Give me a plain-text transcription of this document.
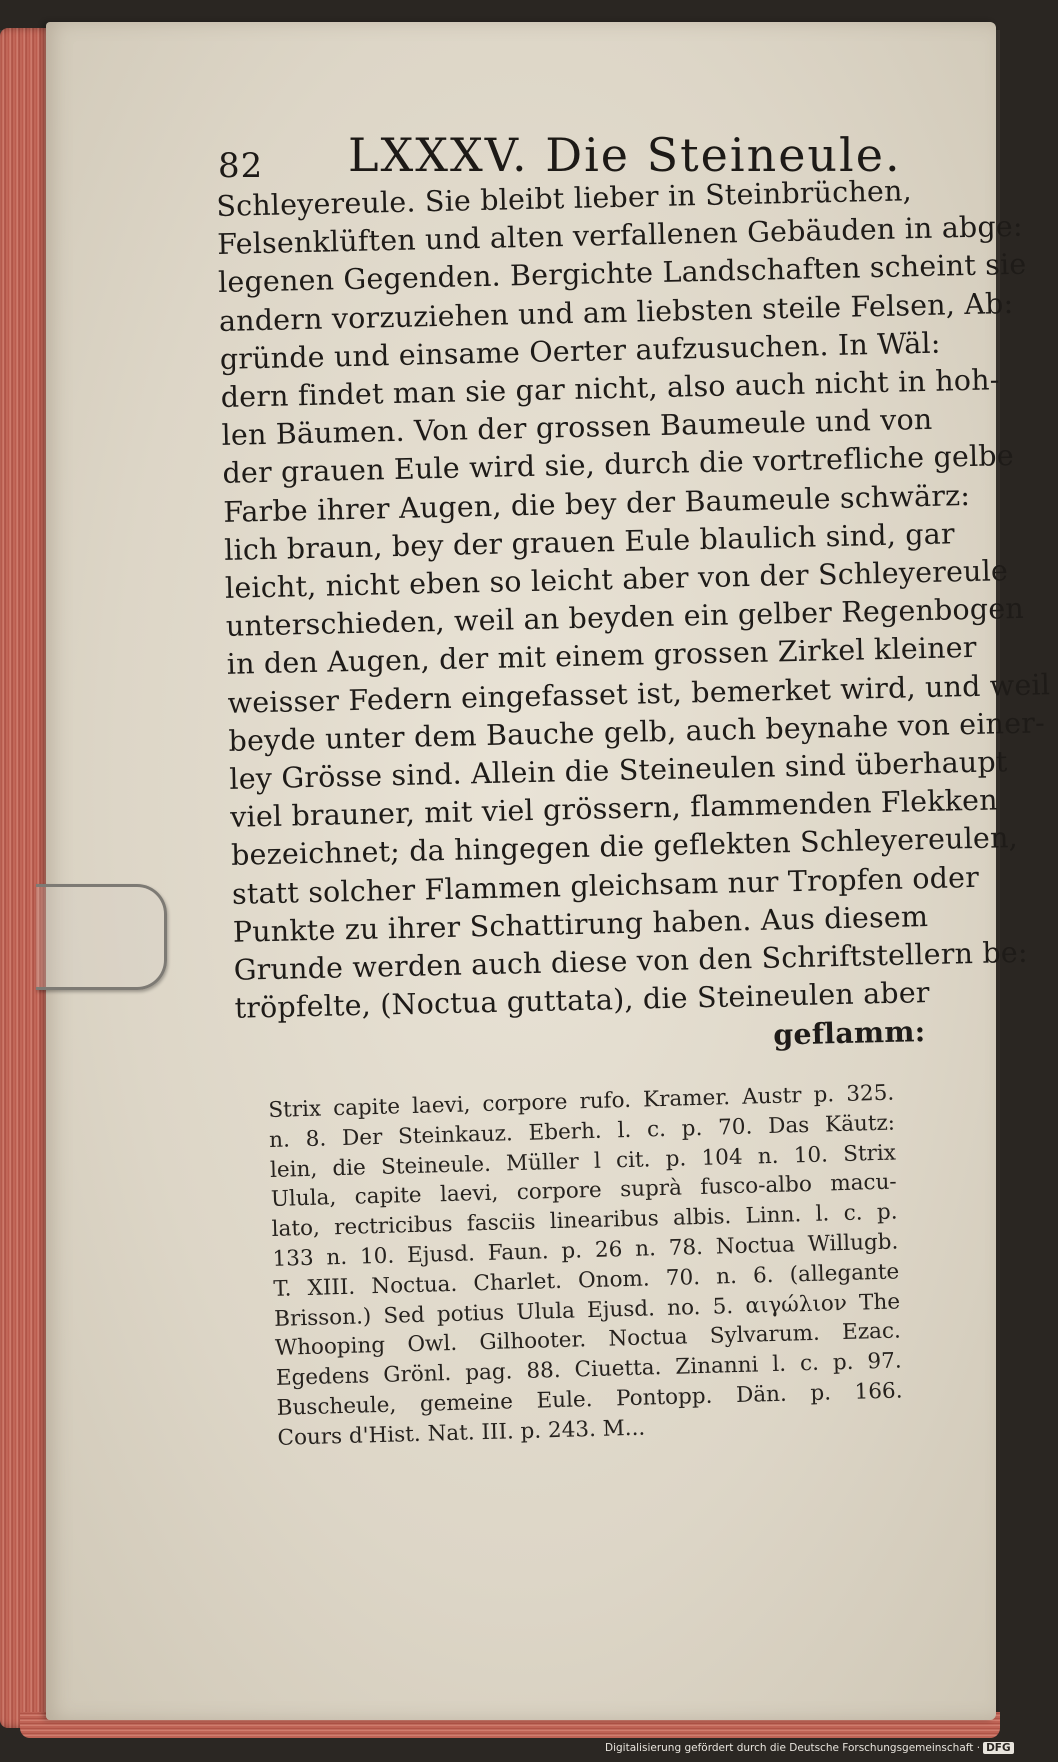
82 LXXXV. Die Steineule.
Schleyereule. Sie bleibt lieber in Steinbrüchen,
Felsenklüften und alten verfallenen Gebäuden in abge:
legenen Gegenden. Bergichte Landschaften scheint sie
andern vorzuziehen und am liebsten steile Felsen, Ab:
gründe und einsame Oerter aufzusuchen. In Wäl:
dern findet man sie gar nicht, also auch nicht in hoh-
len Bäumen. Von der grossen Baumeule und von
der grauen Eule wird sie, durch die vortrefliche gelbe
Farbe ihrer Augen, die bey der Baumeule schwärz:
lich braun, bey der grauen Eule blaulich sind, gar
leicht, nicht eben so leicht aber von der Schleyereule
unterschieden, weil an beyden ein gelber Regenbogen
in den Augen, der mit einem grossen Zirkel kleiner
weisser Federn eingefasset ist, bemerket wird, und weil
beyde unter dem Bauche gelb, auch beynahe von einer-
ley Grösse sind. Allein die Steineulen sind überhaupt
viel brauner, mit viel grössern, flammenden Flekken
bezeichnet; da hingegen die geflekten Schleyereulen,
statt solcher Flammen gleichsam nur Tropfen oder
Punkte zu ihrer Schattirung haben. Aus diesem
Grunde werden auch diese von den Schriftstellern be:
tröpfelte, (Noctua guttata), die Steineulen aber
geflamm:
Strix capite laevi, corpore rufo. Kramer. Austr p. 325.
n. 8. Der Steinkauz. Eberh. l. c. p. 70. Das Käutz:
lein, die Steineule. Müller l cit. p. 104 n. 10. Strix
Ulula, capite laevi, corpore suprà fusco-albo macu-
lato, rectricibus fasciis linearibus albis. Linn. l. c. p.
133 n. 10. Ejusd. Faun. p. 26 n. 78. Noctua Willugb.
T. XIII. Noctua. Charlet. Onom. 70. n. 6. (allegante
Brisson.) Sed potius Ulula Ejusd. no. 5. αιγώλιον The
Whooping Owl. Gilhooter. Noctua Sylvarum. Ezac.
Egedens Grönl. pag. 88. Ciuetta. Zinanni l. c. p. 97.
Buscheule, gemeine Eule. Pontopp. Dän. p. 166.
Cours d'Hist. Nat. III. p. 243. M...
Digitalisierung gefördert durch die Deutsche Forschungsgemeinschaft · DFG
